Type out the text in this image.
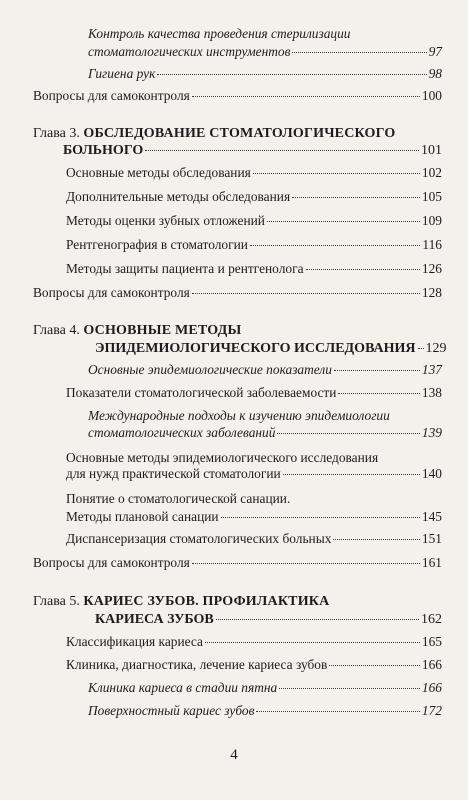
Контроль качества проведения стерилизации
стоматологических инструментов	97
Гигиена рук	98
Вопросы для самоконтроля	100
Глава 3. ОБСЛЕДОВАНИЕ СТОМАТОЛОГИЧЕСКОГО
БОЛЬНОГО	101
Основные методы обследования	102
Дополнительные методы обследования	105
Методы оценки зубных отложений	109
Рентгенография в стоматологии	116
Методы защиты пациента и рентгенолога	126
Вопросы для самоконтроля	128
Глава 4. ОСНОВНЫЕ МЕТОДЫ
ЭПИДЕМИОЛОГИЧЕСКОГО ИССЛЕДОВАНИЯ 129
Основные эпидемиологические показатели	137
Показатели стоматологической заболеваемости	138
Международные подходы к изучению эпидемиологии
стоматологических заболеваний	139
Основные методы эпидемиологического исследования
для нужд практической стоматологии	140
Понятие о стоматологической санации.
Методы плановой санации	145
Диспансеризация стоматологических больных	151
Вопросы для самоконтроля	161
Глава 5. КАРИЕС ЗУБОВ. ПРОФИЛАКТИКА
КАРИЕСА ЗУБОВ	162
Классификация кариеса	165
Клиника, диагностика, лечение кариеса зубов	166
Клиника кариеса в стадии пятна	166
Поверхностный кариес зубов	172
4
